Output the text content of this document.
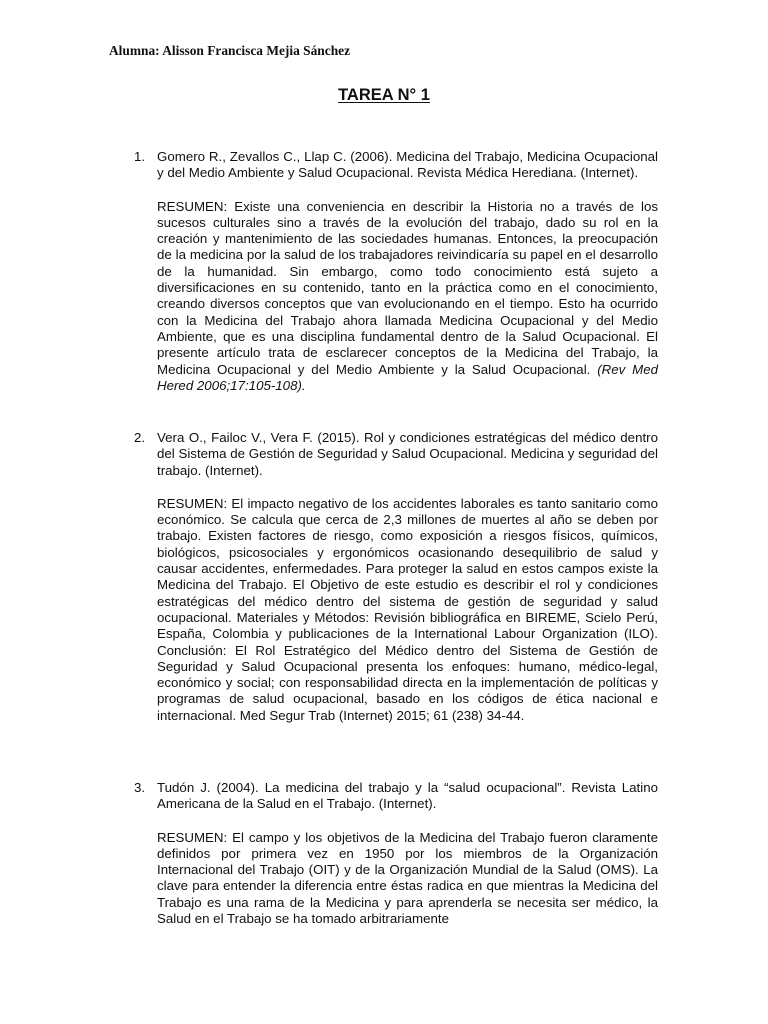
Alumna: Alisson Francisca Mejia Sánchez
TAREA N° 1
1. Gomero R., Zevallos C., Llap C. (2006). Medicina del Trabajo, Medicina Ocupacional y del Medio Ambiente y Salud Ocupacional. Revista Médica Herediana. (Internet).

RESUMEN: Existe una conveniencia en describir la Historia no a través de los sucesos culturales sino a través de la evolución del trabajo, dado su rol en la creación y mantenimiento de las sociedades humanas. Entonces, la preocupación de la medicina por la salud de los trabajadores reivindicaría su papel en el desarrollo de la humanidad. Sin embargo, como todo conocimiento está sujeto a diversificaciones en su contenido, tanto en la práctica como en el conocimiento, creando diversos conceptos que van evolucionando en el tiempo. Esto ha ocurrido con la Medicina del Trabajo ahora llamada Medicina Ocupacional y del Medio Ambiente, que es una disciplina fundamental dentro de la Salud Ocupacional. El presente artículo trata de esclarecer conceptos de la Medicina del Trabajo, la Medicina Ocupacional y del Medio Ambiente y la Salud Ocupacional. (Rev Med Hered 2006;17:105-108).

2. Vera O., Failoc V., Vera F. (2015). Rol y condiciones estratégicas del médico dentro del Sistema de Gestión de Seguridad y Salud Ocupacional. Medicina y seguridad del trabajo. (Internet).

RESUMEN: El impacto negativo de los accidentes laborales es tanto sanitario como económico. Se calcula que cerca de 2,3 millones de muertes al año se deben por trabajo. Existen factores de riesgo, como exposición a riesgos físicos, químicos, biológicos, psicosociales y ergonómicos ocasionando desequilibrio de salud y causar accidentes, enfermedades. Para proteger la salud en estos campos existe la Medicina del Trabajo. El Objetivo de este estudio es describir el rol y condiciones estratégicas del médico dentro del sistema de gestión de seguridad y salud ocupacional. Materiales y Métodos: Revisión bibliográfica en BIREME, Scielo Perú, España, Colombia y publicaciones de la International Labour Organization (ILO). Conclusión: El Rol Estratégico del Médico dentro del Sistema de Gestión de Seguridad y Salud Ocupacional presenta los enfoques: humano, médico-legal, económico y social; con responsabilidad directa en la implementación de políticas y programas de salud ocupacional, basado en los códigos de ética nacional e internacional. Med Segur Trab (Internet) 2015; 61 (238) 34-44.

3. Tudón J. (2004). La medicina del trabajo y la “salud ocupacional”. Revista Latino Americana de la Salud en el Trabajo. (Internet).

RESUMEN: El campo y los objetivos de la Medicina del Trabajo fueron claramente definidos por primera vez en 1950 por los miembros de la Organización Internacional del Trabajo (OIT) y de la Organización Mundial de la Salud (OMS). La clave para entender la diferencia entre éstas radica en que mientras la Medicina del Trabajo es una rama de la Medicina y para aprenderla se necesita ser médico, la Salud en el Trabajo se ha tomado arbitrariamente
